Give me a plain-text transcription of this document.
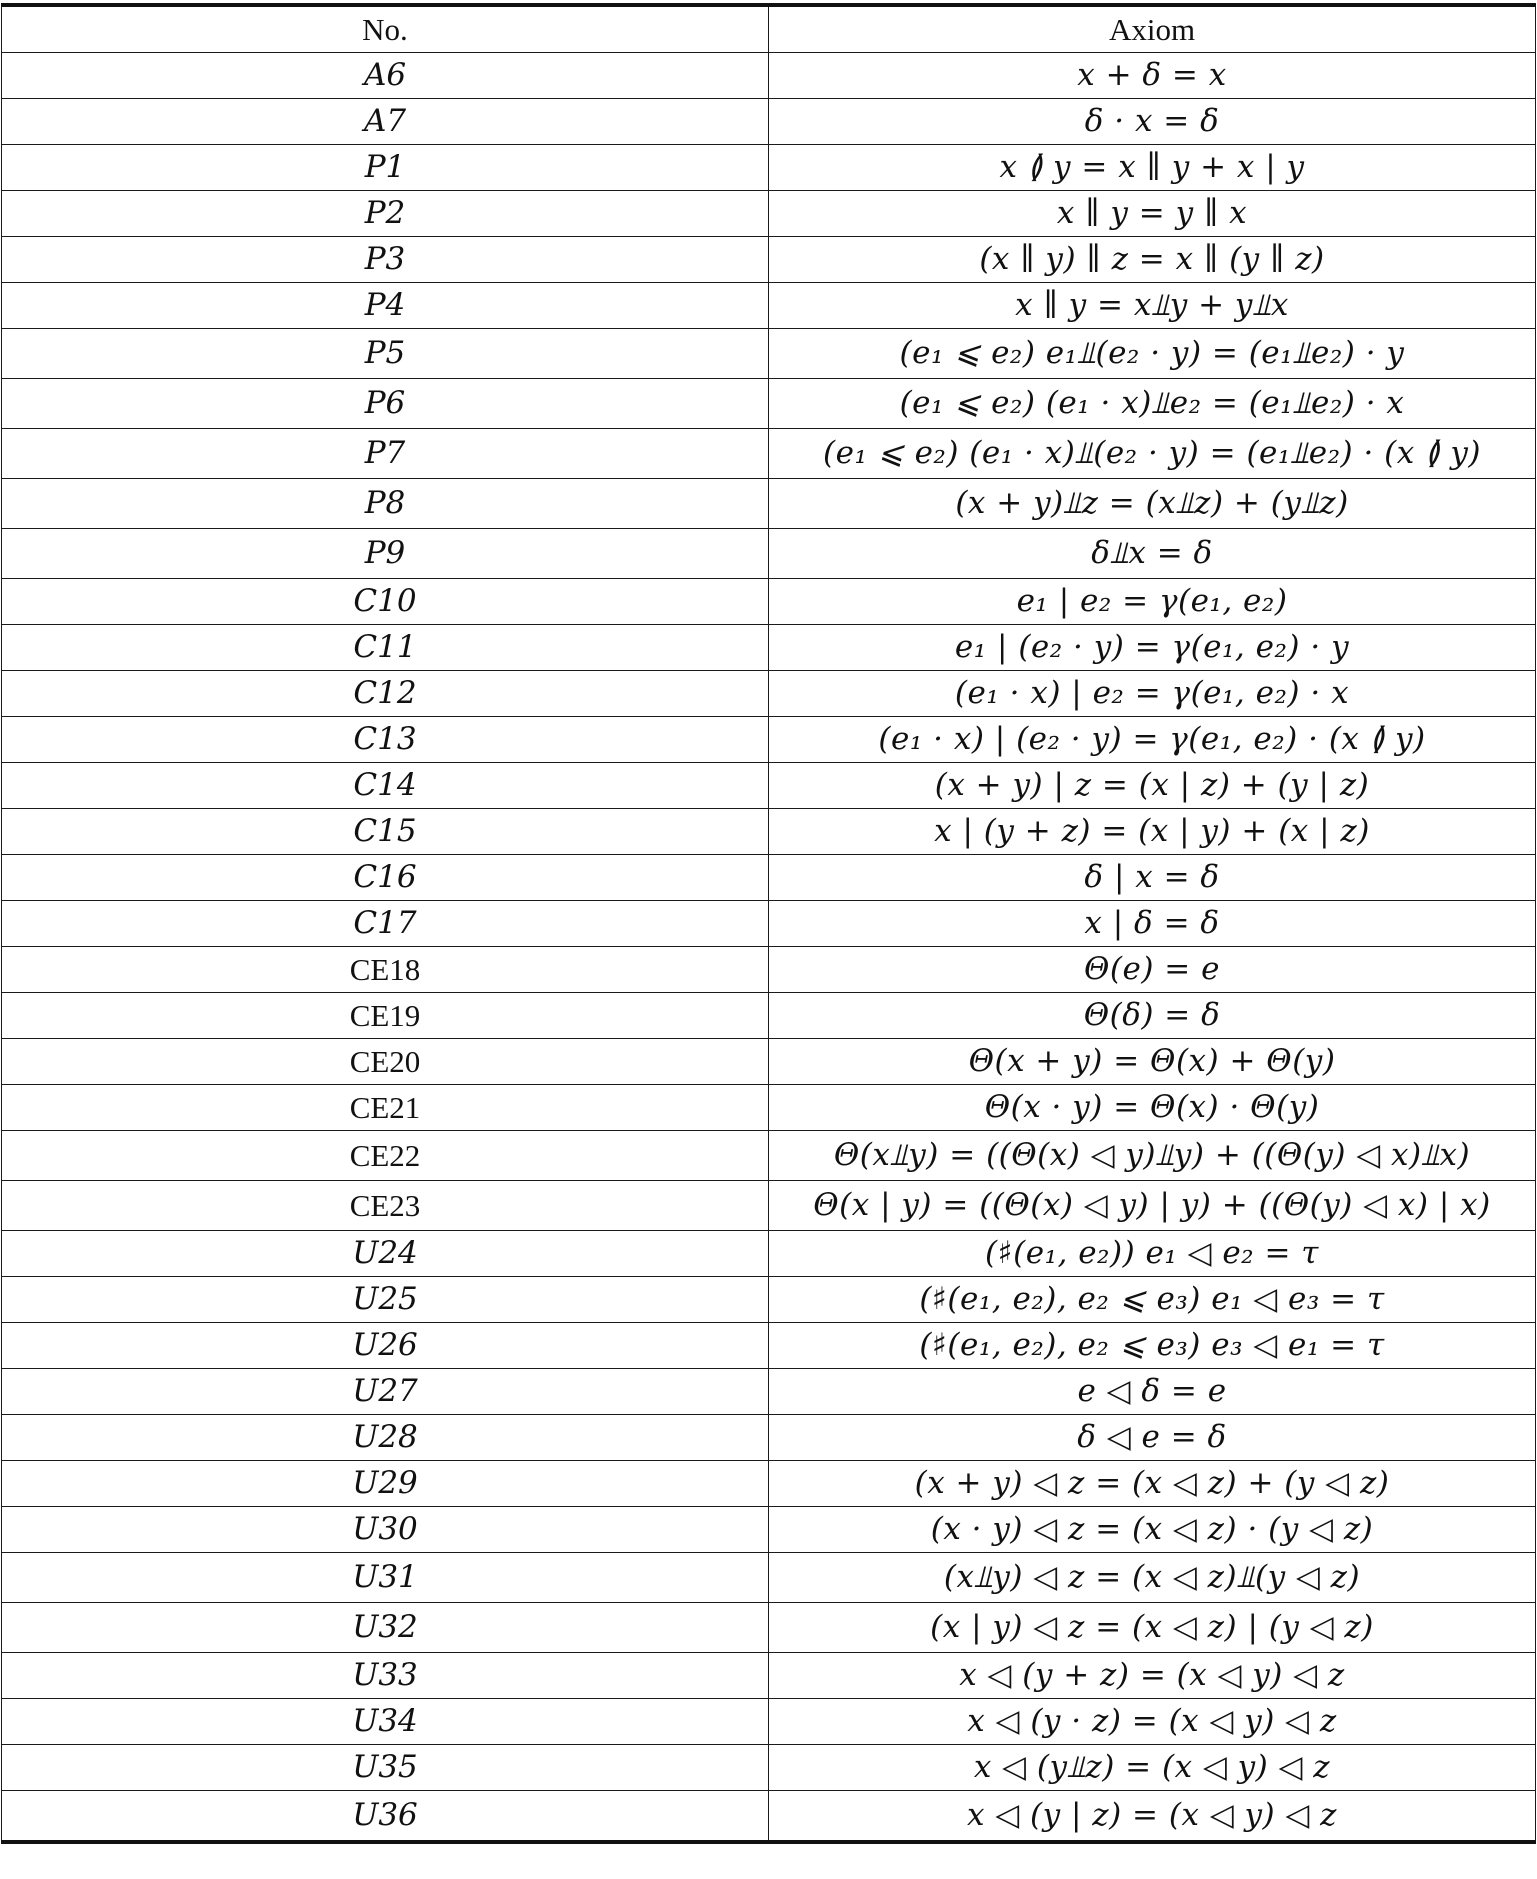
No.	Axiom
A6	x + δ = x
A7	δ · x = δ
P1	x ≬ y = x ∥ y + x | y
P2	x ∥ y = y ∥ x
P3	(x ∥ y) ∥ z = x ∥ (y ∥ z)
P4	x ∥ y = x⫫y + y⫫x
P5	(e₁ ⩽ e₂) e₁⫫(e₂ · y) = (e₁⫫e₂) · y
P6	(e₁ ⩽ e₂) (e₁ · x)⫫e₂ = (e₁⫫e₂) · x
P7	(e₁ ⩽ e₂) (e₁ · x)⫫(e₂ · y) = (e₁⫫e₂) · (x ≬ y)
P8	(x + y)⫫z = (x⫫z) + (y⫫z)
P9	δ⫫x = δ
C10	e₁ | e₂ = γ(e₁, e₂)
C11	e₁ | (e₂ · y) = γ(e₁, e₂) · y
C12	(e₁ · x) | e₂ = γ(e₁, e₂) · x
C13	(e₁ · x) | (e₂ · y) = γ(e₁, e₂) · (x ≬ y)
C14	(x + y) | z = (x | z) + (y | z)
C15	x | (y + z) = (x | y) + (x | z)
C16	δ | x = δ
C17	x | δ = δ
CE18	Θ(e) = e
CE19	Θ(δ) = δ
CE20	Θ(x + y) = Θ(x) + Θ(y)
CE21	Θ(x · y) = Θ(x) · Θ(y)
CE22	Θ(x⫫y) = ((Θ(x) ◁ y)⫫y) + ((Θ(y) ◁ x)⫫x)
CE23	Θ(x | y) = ((Θ(x) ◁ y) | y) + ((Θ(y) ◁ x) | x)
U24	(♯(e₁, e₂)) e₁ ◁ e₂ = τ
U25	(♯(e₁, e₂), e₂ ⩽ e₃) e₁ ◁ e₃ = τ
U26	(♯(e₁, e₂), e₂ ⩽ e₃) e₃ ◁ e₁ = τ
U27	e ◁ δ = e
U28	δ ◁ e = δ
U29	(x + y) ◁ z = (x ◁ z) + (y ◁ z)
U30	(x · y) ◁ z = (x ◁ z) · (y ◁ z)
U31	(x⫫y) ◁ z = (x ◁ z)⫫(y ◁ z)
U32	(x | y) ◁ z = (x ◁ z) | (y ◁ z)
U33	x ◁ (y + z) = (x ◁ y) ◁ z
U34	x ◁ (y · z) = (x ◁ y) ◁ z
U35	x ◁ (y⫫z) = (x ◁ y) ◁ z
U36	x ◁ (y | z) = (x ◁ y) ◁ z
